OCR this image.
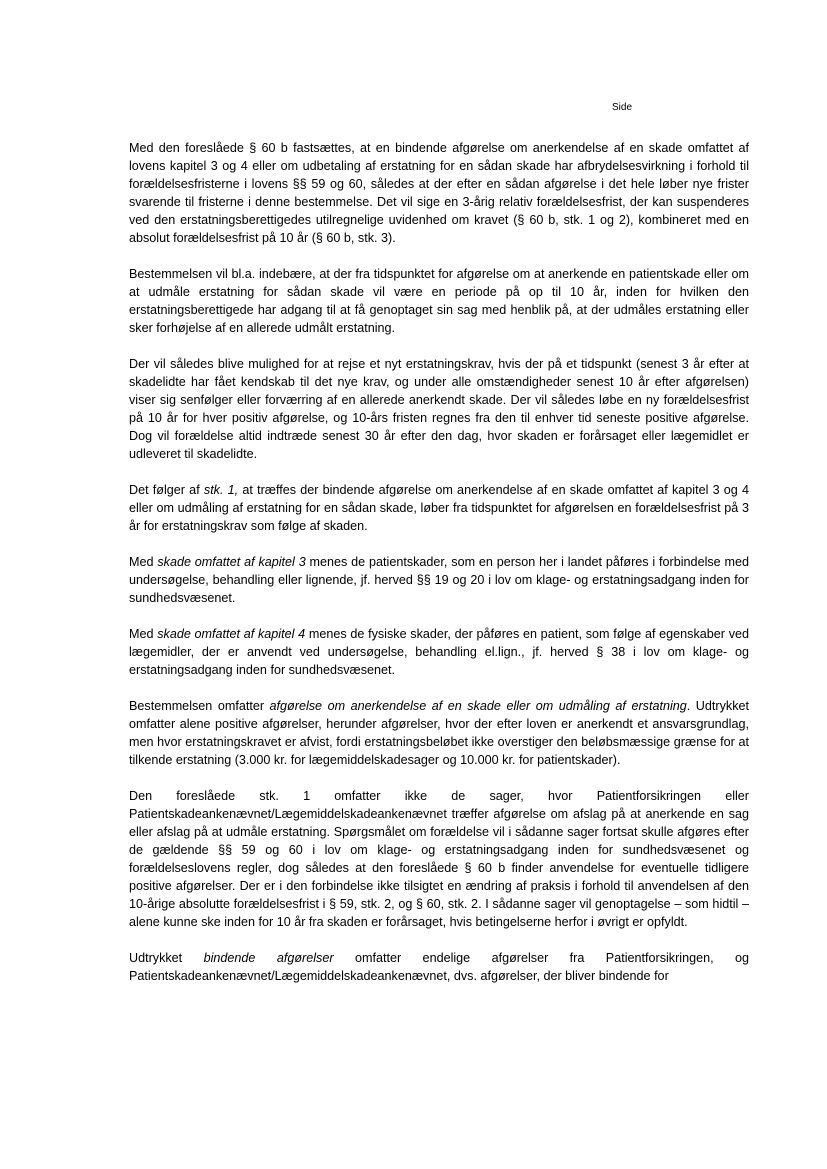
Side

Med den foreslåede § 60 b fastsættes, at en bindende afgørelse om anerkendelse af en skade omfattet af lovens kapitel 3 og 4 eller om udbetaling af erstatning for en sådan skade har afbrydelsesvirkning i forhold til forældelsesfristerne i lovens §§ 59 og 60, således at der efter en sådan afgørelse i det hele løber nye frister svarende til fristerne i denne bestemmelse. Det vil sige en 3-årig relativ forældelsesfrist, der kan suspenderes ved den erstatningsberettigedes utilregnelige uvidenhed om kravet (§ 60 b, stk. 1 og 2), kombineret med en absolut forældelsesfrist på 10 år (§ 60 b, stk. 3).

Bestemmelsen vil bl.a. indebære, at der fra tidspunktet for afgørelse om at anerkende en patientskade eller om at udmåle erstatning for sådan skade vil være en periode på op til 10 år, inden for hvilken den erstatningsberettigede har adgang til at få genoptaget sin sag med henblik på, at der udmåles erstatning eller sker forhøjelse af en allerede udmålt erstatning.

Der vil således blive mulighed for at rejse et nyt erstatningskrav, hvis der på et tidspunkt (senest 3 år efter at skadelidte har fået kendskab til det nye krav, og under alle omstændigheder senest 10 år efter afgørelsen) viser sig senfølger eller forværring af en allerede anerkendt skade. Der vil således løbe en ny forældelsesfrist på 10 år for hver positiv afgørelse, og 10-års fristen regnes fra den til enhver tid seneste positive afgørelse. Dog vil forældelse altid indtræde senest 30 år efter den dag, hvor skaden er forårsaget eller lægemidlet er udleveret til skadelidte.

Det følger af stk. 1, at træffes der bindende afgørelse om anerkendelse af en skade omfattet af kapitel 3 og 4 eller om udmåling af erstatning for en sådan skade, løber fra tidspunktet for afgørelsen en forældelsesfrist på 3 år for erstatningskrav som følge af skaden.

Med skade omfattet af kapitel 3 menes de patientskader, som en person her i landet påføres i forbindelse med undersøgelse, behandling eller lignende, jf. herved §§ 19 og 20 i lov om klage- og erstatningsadgang inden for sundhedsvæsenet.

Med skade omfattet af kapitel 4 menes de fysiske skader, der påføres en patient, som følge af egenskaber ved lægemidler, der er anvendt ved undersøgelse, behandling el.lign., jf. herved § 38 i lov om klage- og erstatningsadgang inden for sundhedsvæsenet.

Bestemmelsen omfatter afgørelse om anerkendelse af en skade eller om udmåling af erstatning. Udtrykket omfatter alene positive afgørelser, herunder afgørelser, hvor der efter loven er anerkendt et ansvarsgrundlag, men hvor erstatningskravet er afvist, fordi erstatningsbeløbet ikke overstiger den beløbsmæssige grænse for at tilkende erstatning (3.000 kr. for lægemiddelskadesager og 10.000 kr. for patientskader).

Den foreslåede stk. 1 omfatter ikke de sager, hvor Patientforsikringen eller Patientskadeankenævnet/Lægemiddelskadeankenævnet træffer afgørelse om afslag på at anerkende en sag eller afslag på at udmåle erstatning. Spørgsmålet om forældelse vil i sådanne sager fortsat skulle afgøres efter de gældende §§ 59 og 60 i lov om klage- og erstatningsadgang inden for sundhedsvæsenet og forældelseslovens regler, dog således at den foreslåede § 60 b finder anvendelse for eventuelle tidligere positive afgørelser. Der er i den forbindelse ikke tilsigtet en ændring af praksis i forhold til anvendelsen af den 10-årige absolutte forældelsesfrist i § 59, stk. 2, og § 60, stk. 2. I sådanne sager vil genoptagelse – som hidtil – alene kunne ske inden for 10 år fra skaden er forårsaget, hvis betingelserne herfor i øvrigt er opfyldt.

Udtrykket bindende afgørelser omfatter endelige afgørelser fra Patientforsikringen, og Patientskadeankenævnet/Lægemiddelskadeankenævnet, dvs. afgørelser, der bliver bindende for
